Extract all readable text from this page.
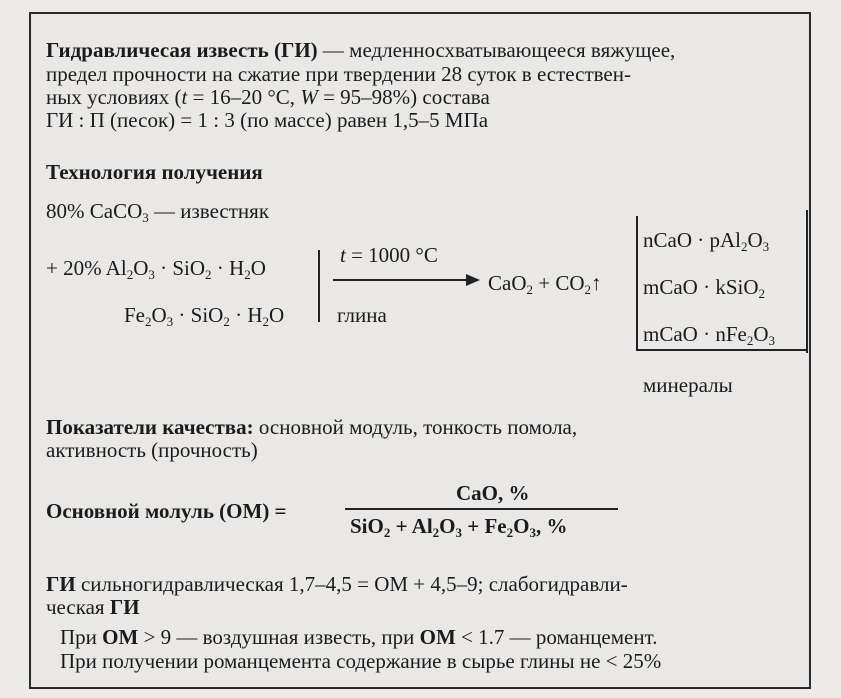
Гидравличесая известь (ГИ) — медленносхватывающееся вяжущее,
предел прочности на сжатие при твердении 28 суток в естествен-
ных условиях (t = 16–20 °С, W = 95–98%) состава
ГИ : П (песок) = 1 : 3 (по массе) равен 1,5–5 МПа
Технология получения
80% CaCO$_3$ — известняк
+ 20% $Al_2O_3 \cdot SiO_2 \cdot H_2O$
$Fe_2O_3 \cdot SiO_2 \cdot H_2O$
t = 1000 °С
глина
$CaO_2 + CO_2↑$
nCaO · $pAl_2O_3$
mCaO · kSiO$_2$
mCaO · $nFe_2O_3$
минералы
Показатели качества: основной модуль, тонкость помола,
активность (прочность)
Основной молуль (ОМ) =
CaO, %
$SiO_2 + Al_2O_3 + Fe_2O_3$, %
ГИ сильногидравлическая 1,7–4,5 = ОМ + 4,5–9; слабогидравли-
ческая ГИ
При ОМ > 9 — воздушная известь, при ОМ < 1.7 — романцемент.
При получении романцемента содержание в сырье глины не < 25%
